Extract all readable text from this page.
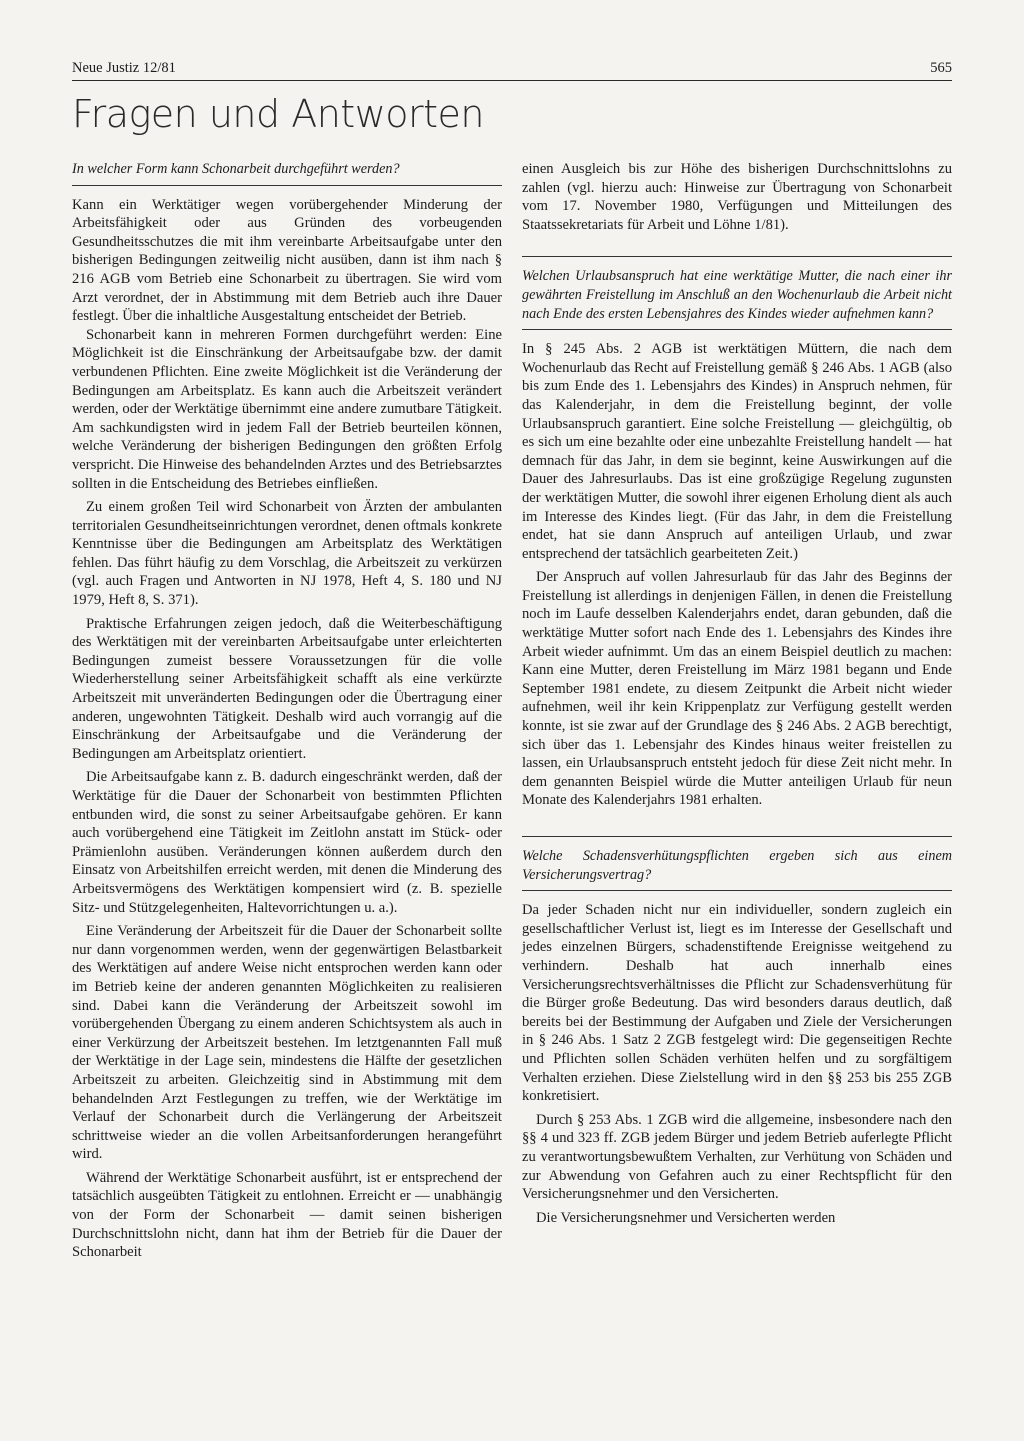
Neue Justiz 12/81	565
Fragen und Antworten
In welcher Form kann Schonarbeit durchgeführt werden?

Kann ein Werktätiger wegen vorübergehender Minderung der Arbeitsfähigkeit oder aus Gründen des vorbeugenden Gesundheitsschutzes die mit ihm vereinbarte Arbeitsaufgabe unter den bisherigen Bedingungen zeitweilig nicht ausüben, dann ist ihm nach § 216 AGB vom Betrieb eine Schonarbeit zu übertragen. Sie wird vom Arzt verordnet, der in Abstimmung mit dem Betrieb auch ihre Dauer festlegt. Über die inhaltliche Ausgestaltung entscheidet der Betrieb.

Schonarbeit kann in mehreren Formen durchgeführt werden: Eine Möglichkeit ist die Einschränkung der Arbeitsaufgabe bzw. der damit verbundenen Pflichten. Eine zweite Möglichkeit ist die Veränderung der Bedingungen am Arbeitsplatz. Es kann auch die Arbeitszeit verändert werden, oder der Werktätige übernimmt eine andere zumutbare Tätigkeit. Am sachkundigsten wird in jedem Fall der Betrieb beurteilen können, welche Veränderung der bisherigen Bedingungen den größten Erfolg verspricht. Die Hinweise des behandelnden Arztes und des Betriebsarztes sollten in die Entscheidung des Betriebes einfließen.

Zu einem großen Teil wird Schonarbeit von Ärzten der ambulanten territorialen Gesundheitseinrichtungen verordnet, denen oftmals konkrete Kenntnisse über die Bedingungen am Arbeitsplatz des Werktätigen fehlen. Das führt häufig zu dem Vorschlag, die Arbeitszeit zu verkürzen (vgl. auch Fragen und Antworten in NJ 1978, Heft 4, S. 180 und NJ 1979, Heft 8, S. 371).

Praktische Erfahrungen zeigen jedoch, daß die Weiterbeschäftigung des Werktätigen mit der vereinbarten Arbeitsaufgabe unter erleichterten Bedingungen zumeist bessere Voraussetzungen für die volle Wiederherstellung seiner Arbeitsfähigkeit schafft als eine verkürzte Arbeitszeit mit unveränderten Bedingungen oder die Übertragung einer anderen, ungewohnten Tätigkeit. Deshalb wird auch vorrangig auf die Einschränkung der Arbeitsaufgabe und die Veränderung der Bedingungen am Arbeitsplatz orientiert.

Die Arbeitsaufgabe kann z. B. dadurch eingeschränkt werden, daß der Werktätige für die Dauer der Schonarbeit von bestimmten Pflichten entbunden wird, die sonst zu seiner Arbeitsaufgabe gehören. Er kann auch vorübergehend eine Tätigkeit im Zeitlohn anstatt im Stück- oder Prämienlohn ausüben. Veränderungen können außerdem durch den Einsatz von Arbeitshilfen erreicht werden, mit denen die Minderung des Arbeitsvermögens des Werktätigen kompensiert wird (z. B. spezielle Sitz- und Stützgelegenheiten, Haltevorrichtungen u. a.).

Eine Veränderung der Arbeitszeit für die Dauer der Schonarbeit sollte nur dann vorgenommen werden, wenn der gegenwärtigen Belastbarkeit des Werktätigen auf andere Weise nicht entsprochen werden kann oder im Betrieb keine der anderen genannten Möglichkeiten zu realisieren sind. Dabei kann die Veränderung der Arbeitszeit sowohl im vorübergehenden Übergang zu einem anderen Schichtsystem als auch in einer Verkürzung der Arbeitszeit bestehen. Im letztgenannten Fall muß der Werktätige in der Lage sein, mindestens die Hälfte der gesetzlichen Arbeitszeit zu arbeiten. Gleichzeitig sind in Abstimmung mit dem behandelnden Arzt Festlegungen zu treffen, wie der Werktätige im Verlauf der Schonarbeit durch die Verlängerung der Arbeitszeit schrittweise wieder an die vollen Arbeitsanforderungen herangeführt wird.

Während der Werktätige Schonarbeit ausführt, ist er entsprechend der tatsächlich ausgeübten Tätigkeit zu entlohnen. Erreicht er — unabhängig von der Form der Schonarbeit — damit seinen bisherigen Durchschnittslohn nicht, dann hat ihm der Betrieb für die Dauer der Schonarbeit

einen Ausgleich bis zur Höhe des bisherigen Durchschnittslohns zu zahlen (vgl. hierzu auch: Hinweise zur Übertragung von Schonarbeit vom 17. November 1980, Verfügungen und Mitteilungen des Staatssekretariats für Arbeit und Löhne 1/81).

Welchen Urlaubsanspruch hat eine werktätige Mutter, die nach einer ihr gewährten Freistellung im Anschluß an den Wochenurlaub die Arbeit nicht nach Ende des ersten Lebensjahres des Kindes wieder aufnehmen kann?

In § 245 Abs. 2 AGB ist werktätigen Müttern, die nach dem Wochenurlaub das Recht auf Freistellung gemäß § 246 Abs. 1 AGB (also bis zum Ende des 1. Lebensjahrs des Kindes) in Anspruch nehmen, für das Kalenderjahr, in dem die Freistellung beginnt, der volle Urlaubsanspruch garantiert. Eine solche Freistellung — gleichgültig, ob es sich um eine bezahlte oder eine unbezahlte Freistellung handelt — hat demnach für das Jahr, in dem sie beginnt, keine Auswirkungen auf die Dauer des Jahresurlaubs. Das ist eine großzügige Regelung zugunsten der werktätigen Mutter, die sowohl ihrer eigenen Erholung dient als auch im Interesse des Kindes liegt. (Für das Jahr, in dem die Freistellung endet, hat sie dann Anspruch auf anteiligen Urlaub, und zwar entsprechend der tatsächlich gearbeiteten Zeit.)

Der Anspruch auf vollen Jahresurlaub für das Jahr des Beginns der Freistellung ist allerdings in denjenigen Fällen, in denen die Freistellung noch im Laufe desselben Kalenderjahrs endet, daran gebunden, daß die werktätige Mutter sofort nach Ende des 1. Lebensjahrs des Kindes ihre Arbeit wieder aufnimmt. Um das an einem Beispiel deutlich zu machen: Kann eine Mutter, deren Freistellung im März 1981 begann und Ende September 1981 endete, zu diesem Zeitpunkt die Arbeit nicht wieder aufnehmen, weil ihr kein Krippenplatz zur Verfügung gestellt werden konnte, ist sie zwar auf der Grundlage des § 246 Abs. 2 AGB berechtigt, sich über das 1. Lebensjahr des Kindes hinaus weiter freistellen zu lassen, ein Urlaubsanspruch entsteht jedoch für diese Zeit nicht mehr. In dem genannten Beispiel würde die Mutter anteiligen Urlaub für neun Monate des Kalenderjahrs 1981 erhalten.

Welche Schadensverhütungspflichten ergeben sich aus einem Versicherungsvertrag?

Da jeder Schaden nicht nur ein individueller, sondern zugleich ein gesellschaftlicher Verlust ist, liegt es im Interesse der Gesellschaft und jedes einzelnen Bürgers, schadenstiftende Ereignisse weitgehend zu verhindern. Deshalb hat auch innerhalb eines Versicherungsrechtsverhältnisses die Pflicht zur Schadensverhütung für die Bürger große Bedeutung. Das wird besonders daraus deutlich, daß bereits bei der Bestimmung der Aufgaben und Ziele der Versicherungen in § 246 Abs. 1 Satz 2 ZGB festgelegt wird: Die gegenseitigen Rechte und Pflichten sollen Schäden verhüten helfen und zu sorgfältigem Verhalten erziehen. Diese Zielstellung wird in den §§ 253 bis 255 ZGB konkretisiert.

Durch § 253 Abs. 1 ZGB wird die allgemeine, insbesondere nach den §§ 4 und 323 ff. ZGB jedem Bürger und jedem Betrieb auferlegte Pflicht zu verantwortungsbewußtem Verhalten, zur Verhütung von Schäden und zur Abwendung von Gefahren auch zu einer Rechtspflicht für den Versicherungsnehmer und den Versicherten.

Die Versicherungsnehmer und Versicherten werden
